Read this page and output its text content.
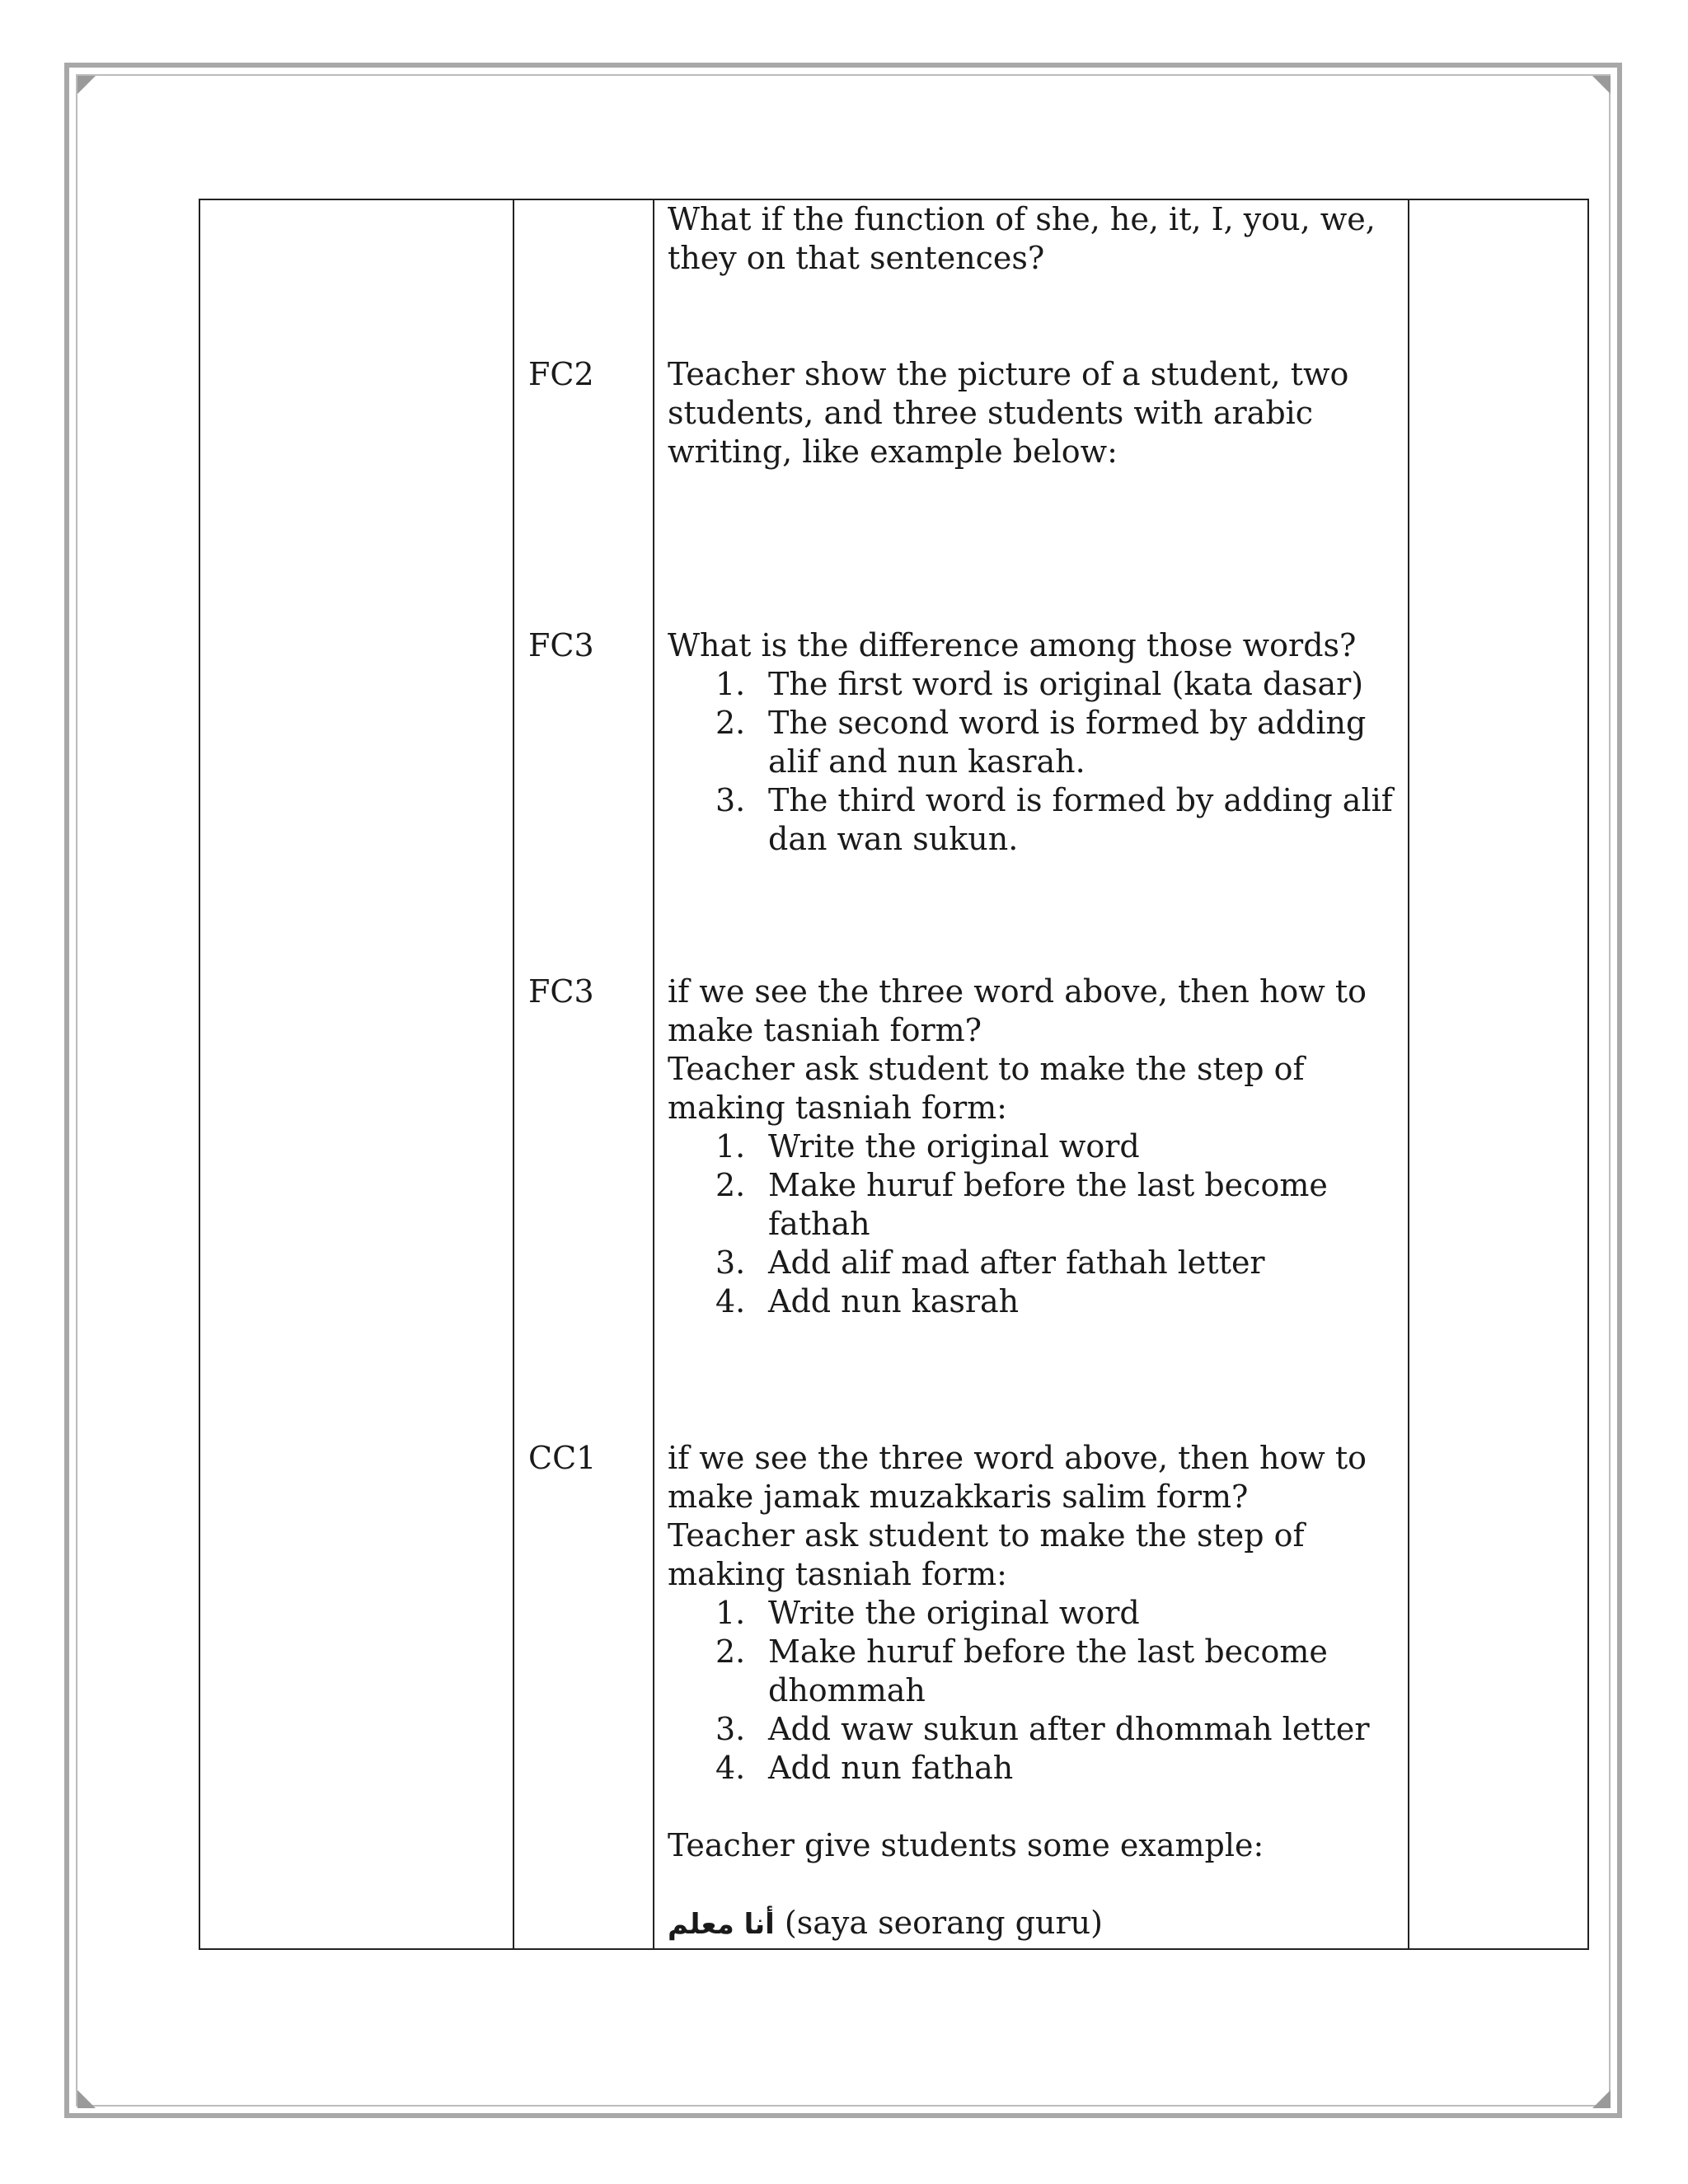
What if the function of she, he, it, I, you, we, they on that sentences?
FC2 Teacher show the picture of a student, two students, and three students with arabic writing, like example below:
FC3 What is the difference among those words?

1. The first word is original (kata dasar)
2. The second word is formed by adding alif and nun kasrah.
3. The third word is formed by adding alif dan wan sukun.
FC3 if we see the three word above, then how to make tasniah form?

Teacher ask student to make the step of making tasniah form:

1. Write the original word
2. Make huruf before the last become fathah
3. Add alif mad after fathah letter
4. Add nun kasrah
CC1 if we see the three word above, then how to make jamak muzakkaris salim form?

Teacher ask student to make the step of making tasniah form:

1. Write the original word
2. Make huruf before the last become dhommah
3. Add waw sukun after dhommah letter
4. Add nun fathah

Teacher give students some example:

أنا معلم (saya seorang guru)
